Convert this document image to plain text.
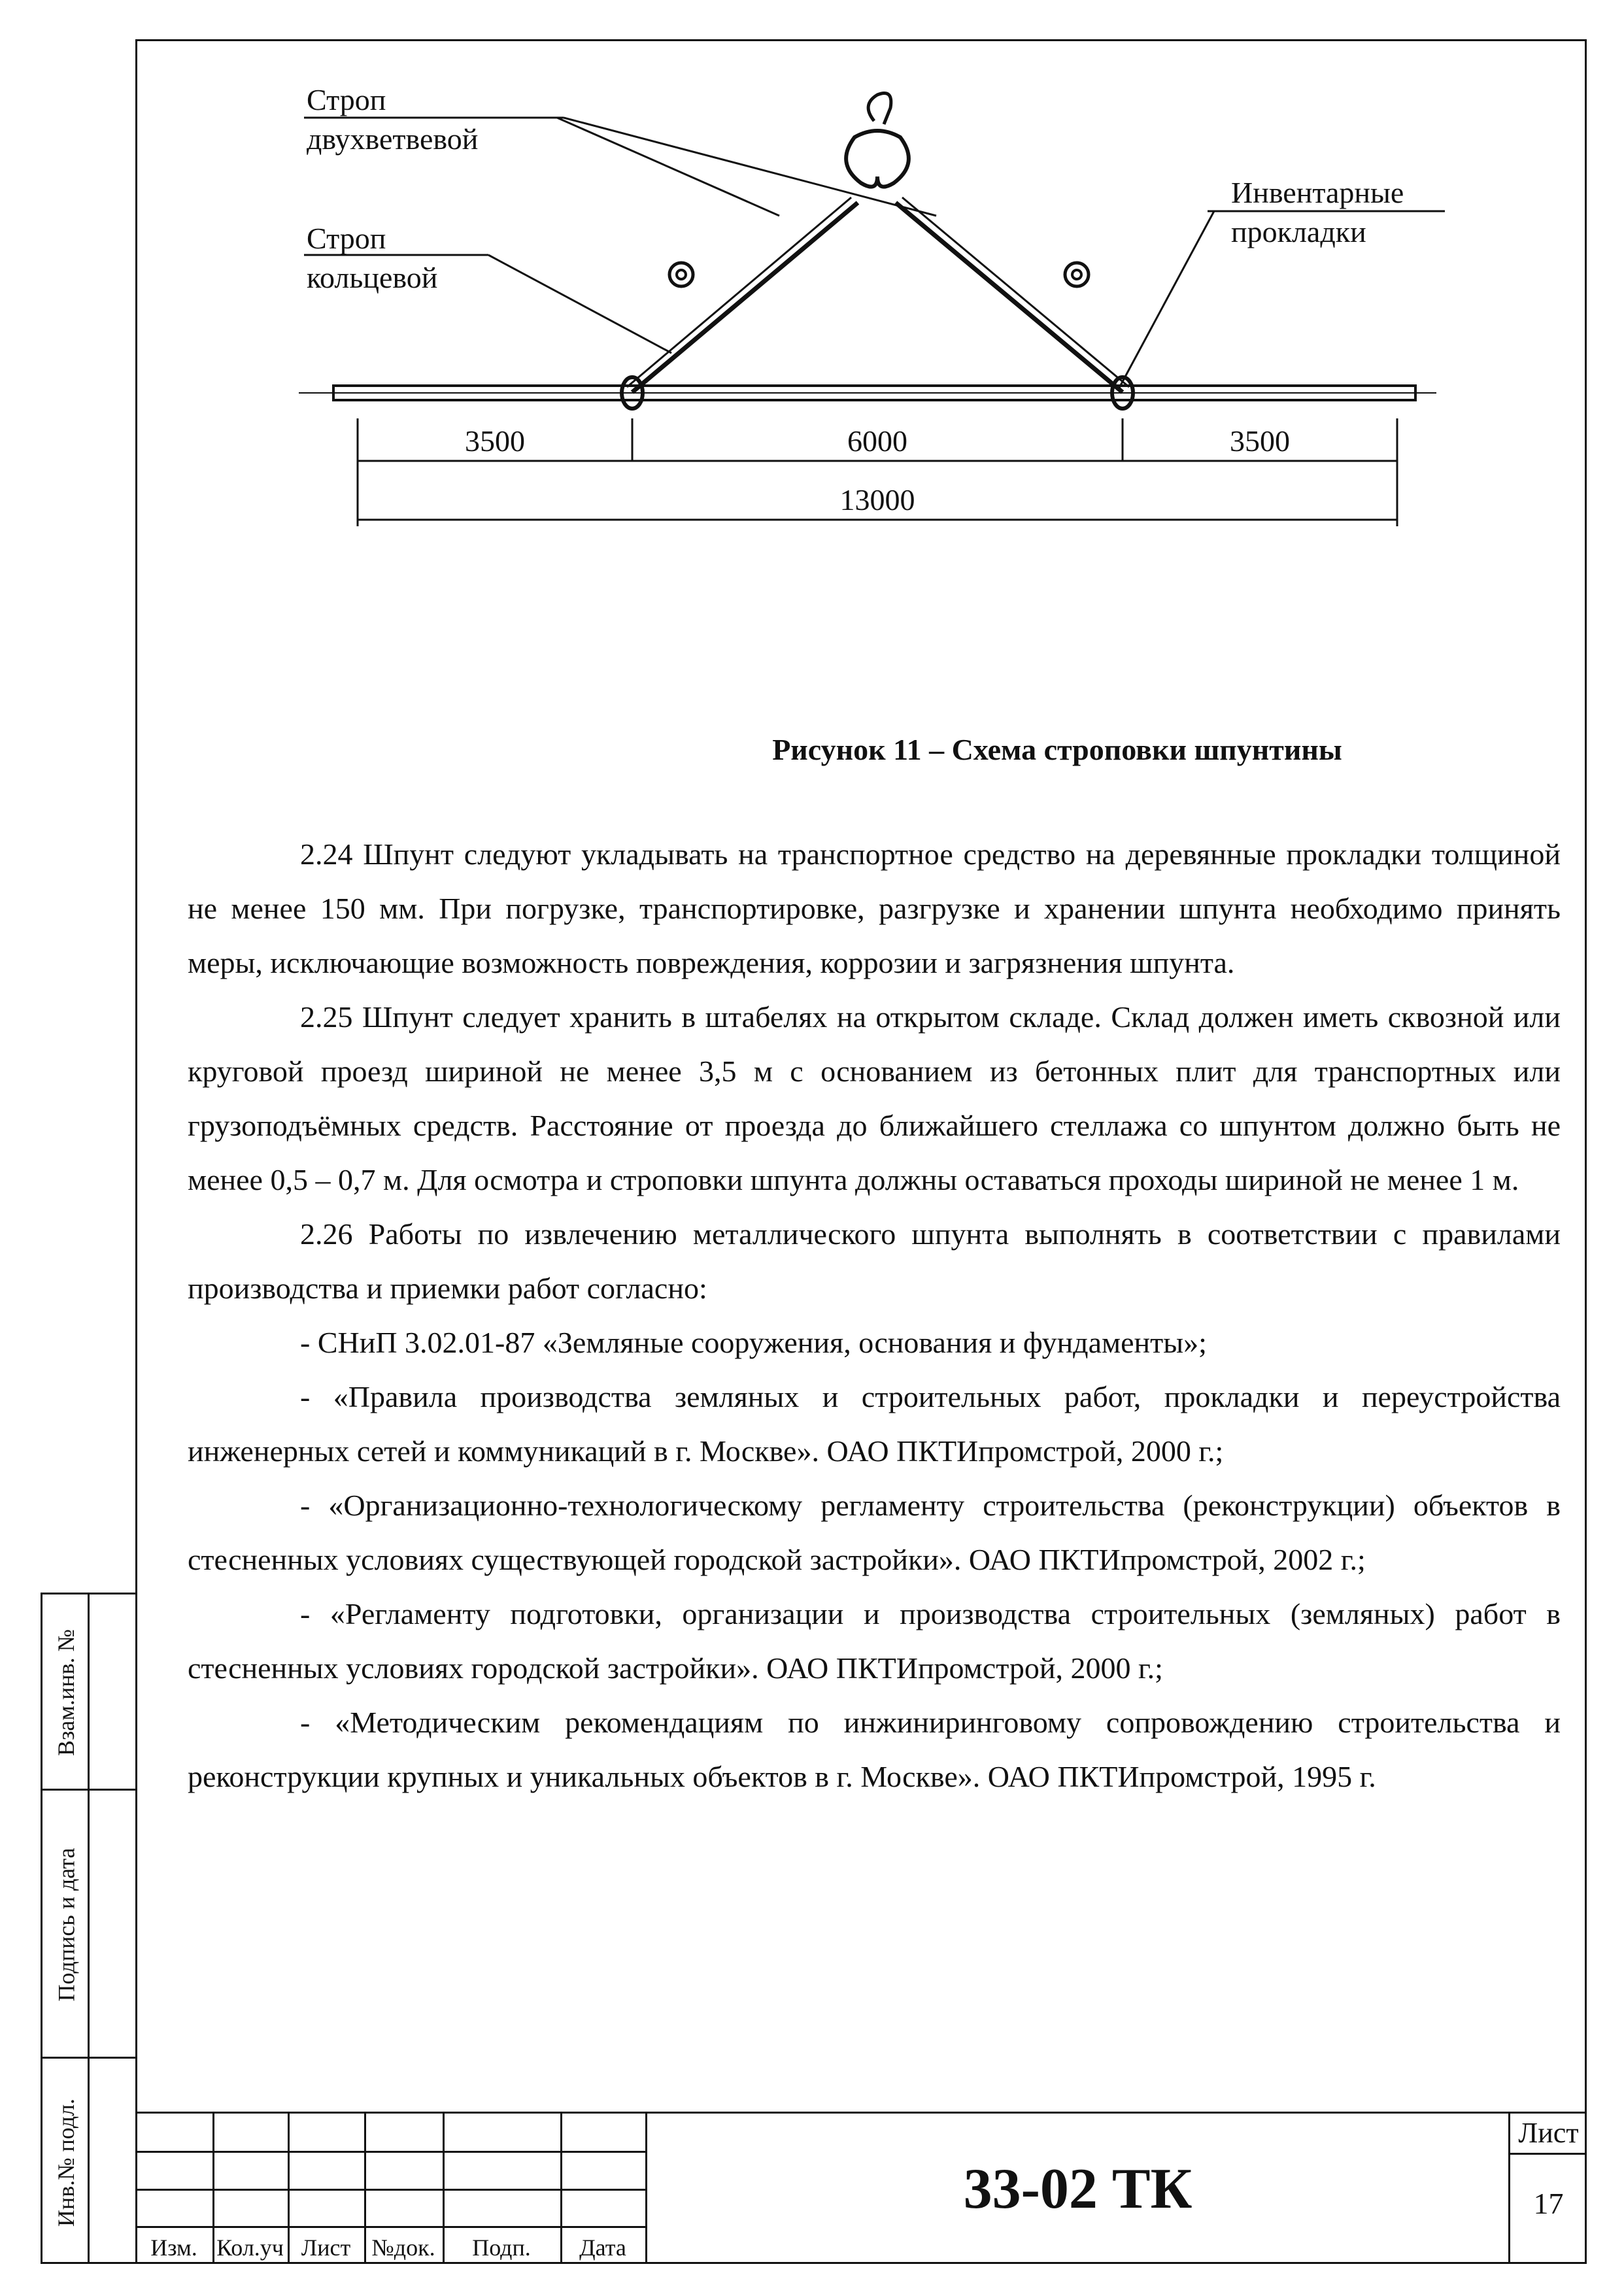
Взам.инв. №
Подпись и дата
Инв.№ подл.
Строп
двухветвевой
Строп
кольцевой
Инвентарные
прокладки
3500	6000	3500
13000
Рисунок 11 – Схема строповки шпунтины

2.24 Шпунт следуют укладывать на транспортное средство на деревянные прокладки толщиной не менее 150 мм. При погрузке, транспортировке, разгрузке и хранении шпунта необходимо принять меры, исключающие возможность повреждения, коррозии и загрязнения шпунта.

2.25 Шпунт следует хранить в штабелях на открытом складе. Склад должен иметь сквозной или круговой проезд шириной не менее 3,5 м с основанием из бетонных плит для транспортных или грузоподъёмных средств. Расстояние от проезда до ближайшего стеллажа со шпунтом должно быть не менее 0,5 – 0,7 м. Для осмотра и строповки шпунта должны оставаться проходы шириной не менее 1 м.

2.26 Работы по извлечению металлического шпунта выполнять в соответствии с правилами производства и приемки работ согласно:

- СНиП 3.02.01-87 «Земляные сооружения, основания и фундаменты»;

- «Правила производства земляных и строительных работ, прокладки и переустройства инженерных сетей и коммуникаций в г. Москве». ОАО ПКТИпромстрой, 2000 г.;

- «Организационно-технологическому регламенту строительства (реконструкции) объектов в стесненных условиях существующей городской застройки». ОАО ПКТИпромстрой, 2002 г.;

- «Регламенту подготовки, организации и производства строительных (земляных) работ в стесненных условиях городской застройки». ОАО ПКТИпромстрой, 2000 г.;

- «Методическим рекомендациям по инжиниринговому сопровождению строительства и реконструкции крупных и уникальных объектов в г. Москве». ОАО ПКТИпромстрой, 1995 г.

Изм. Кол.уч Лист №док.	Подп.	Дата
33-02 ТК
Лист
17
